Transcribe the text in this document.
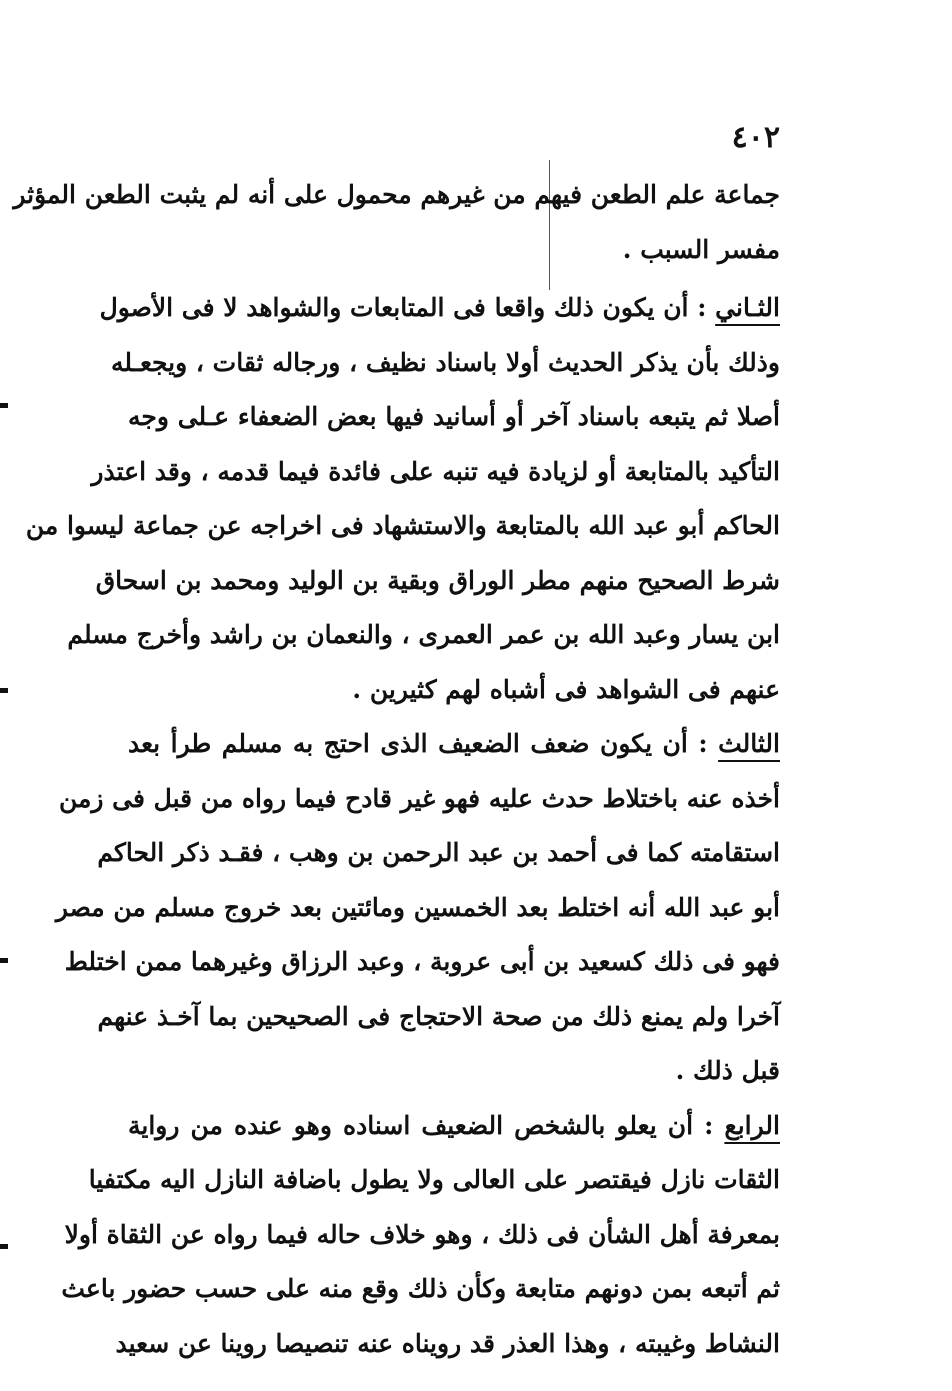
٤٠٢
جماعة علم الطعن فيهم من غيرهم محمول على أنه لم يثبت الطعن المؤثر
مفسر السبب .
الثـاني : أن يكون ذلك واقعا فى المتابعات والشواهد لا فى الأصول
وذلك بأن يذكر الحديث أولا باسناد نظيف ، ورجاله ثقات ، ويجعـله
أصلا ثم يتبعه باسناد آخر أو أسانيد فيها بعض الضعفاء عـلى وجه
التأكيد بالمتابعة أو لزيادة فيه تنبه على فائدة فيما قدمه ، وقد اعتذر
الحاكم أبو عبد الله بالمتابعة والاستشهاد فى اخراجه عن جماعة ليسوا من
شرط الصحيح منهم مطر الوراق وبقية بن الوليد ومحمد بن اسحاق
ابن يسار وعبد الله بن عمر العمرى ، والنعمان بن راشد وأخرج مسلم
عنهم فى الشواهد فى أشباه لهم كثيرين .
الثالث : أن يكون ضعف الضعيف الذى احتج به مسلم طرأ بعد
أخذه عنه باختلاط حدث عليه فهو غير قادح فيما رواه من قبل فى زمن
استقامته كما فى أحمد بن عبد الرحمن بن وهب ، فقـد ذكر الحاكم
أبو عبد الله أنه اختلط بعد الخمسين ومائتين بعد خروج مسلم من مصر
فهو فى ذلك كسعيد بن أبى عروبة ، وعبد الرزاق وغيرهما ممن اختلط
آخرا ولم يمنع ذلك من صحة الاحتجاج فى الصحيحين بما آخـذ عنهم
قبل ذلك .
الرابع : أن يعلو بالشخص الضعيف اسناده وهو عنده من رواية
الثقات نازل فيقتصر على العالى ولا يطول باضافة النازل اليه مكتفيا
بمعرفة أهل الشأن فى ذلك ، وهو خلاف حاله فيما رواه عن الثقاة أولا
ثم أتبعه بمن دونهم متابعة وكأن ذلك وقع منه على حسب حضور باعث
النشاط وغيبته ، وهذا العذر قد رويناه عنه تنصيصا روينا عن سعيد
